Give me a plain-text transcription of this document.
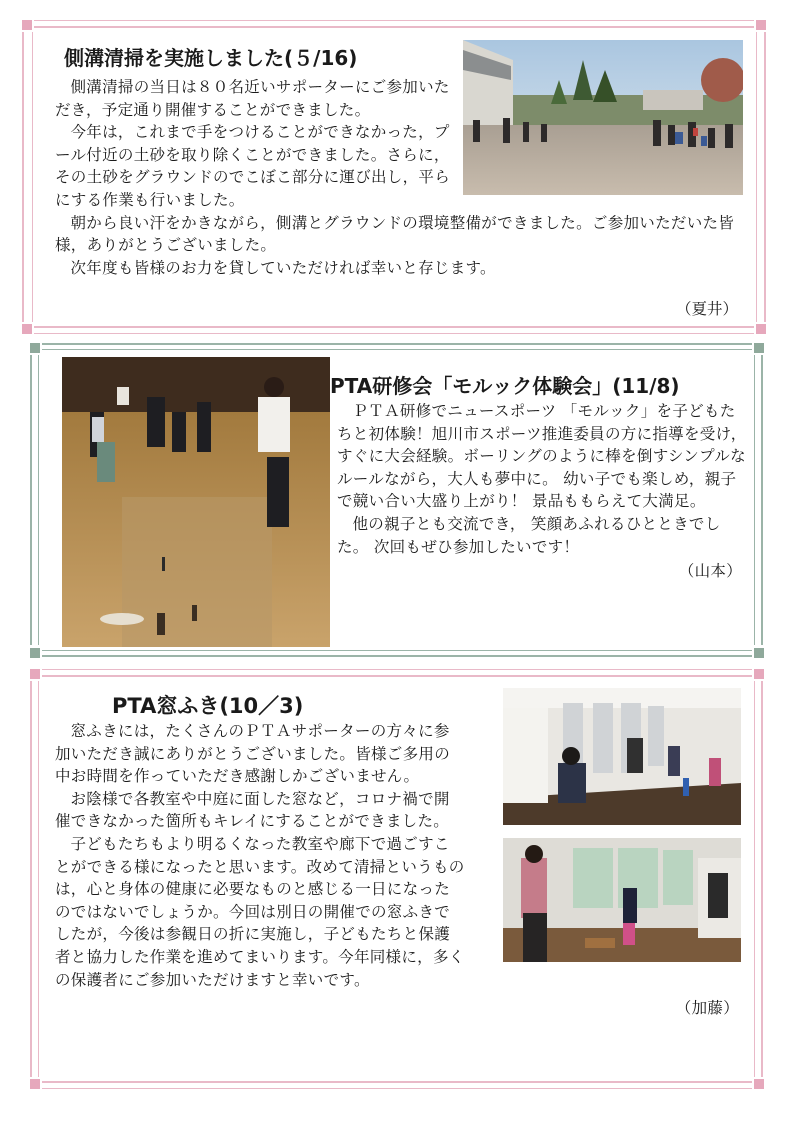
側溝清掃を実施しました(５/16)

側溝清掃の当日は８０名近いサポーターにご参加いただき，予定通り開催することができました。

今年は，これまで手をつけることができなかった，プール付近の土砂を取り除くことができました。さらに，その土砂をグラウンドのでこぼこ部分に運び出し，平らにする作業も行いました。

朝から良い汗をかきながら，側溝とグラウンドの環境整備ができました。ご参加いただいた皆様，ありがとうございました。

次年度も皆様のお力を貸していただければ幸いと存じます。

（夏井）
PTA研修会「モルック体験会」(11/8)

ＰＴＡ研修でニュースポーツ 「モルック」を子どもたちと初体験！旭川市スポーツ推進委員の方に指導を受け，すぐに大会経験。ボーリングのように棒を倒すシンプルなルールながら，大人も夢中に。 幼い子でも楽しめ，親子で競い合い大盛り上がり！ 景品ももらえて大満足。

他の親子とも交流でき， 笑顔あふれるひとときでした。 次回もぜひ参加したいです！

（山本）

PTA窓ふき(10／3)

窓ふきには，たくさんのＰＴＡサポーターの方々に参加いただき誠にありがとうございました。皆様ご多用の中お時間を作っていただき感謝しかございません。

お陰様で各教室や中庭に面した窓など，コロナ禍で開催できなかった箇所もキレイにすることができました。

子どもたちもより明るくなった教室や廊下で過ごすことができる様になったと思います。改めて清掃というものは，心と身体の健康に必要なものと感じる一日になったのではないでしょうか。今回は別日の開催での窓ふきでしたが，今後は参観日の折に実施し，子どもたちと保護者と協力した作業を進めてまいります。今年同様に，多くの保護者にご参加いただけますと幸いです。

（加藤）
